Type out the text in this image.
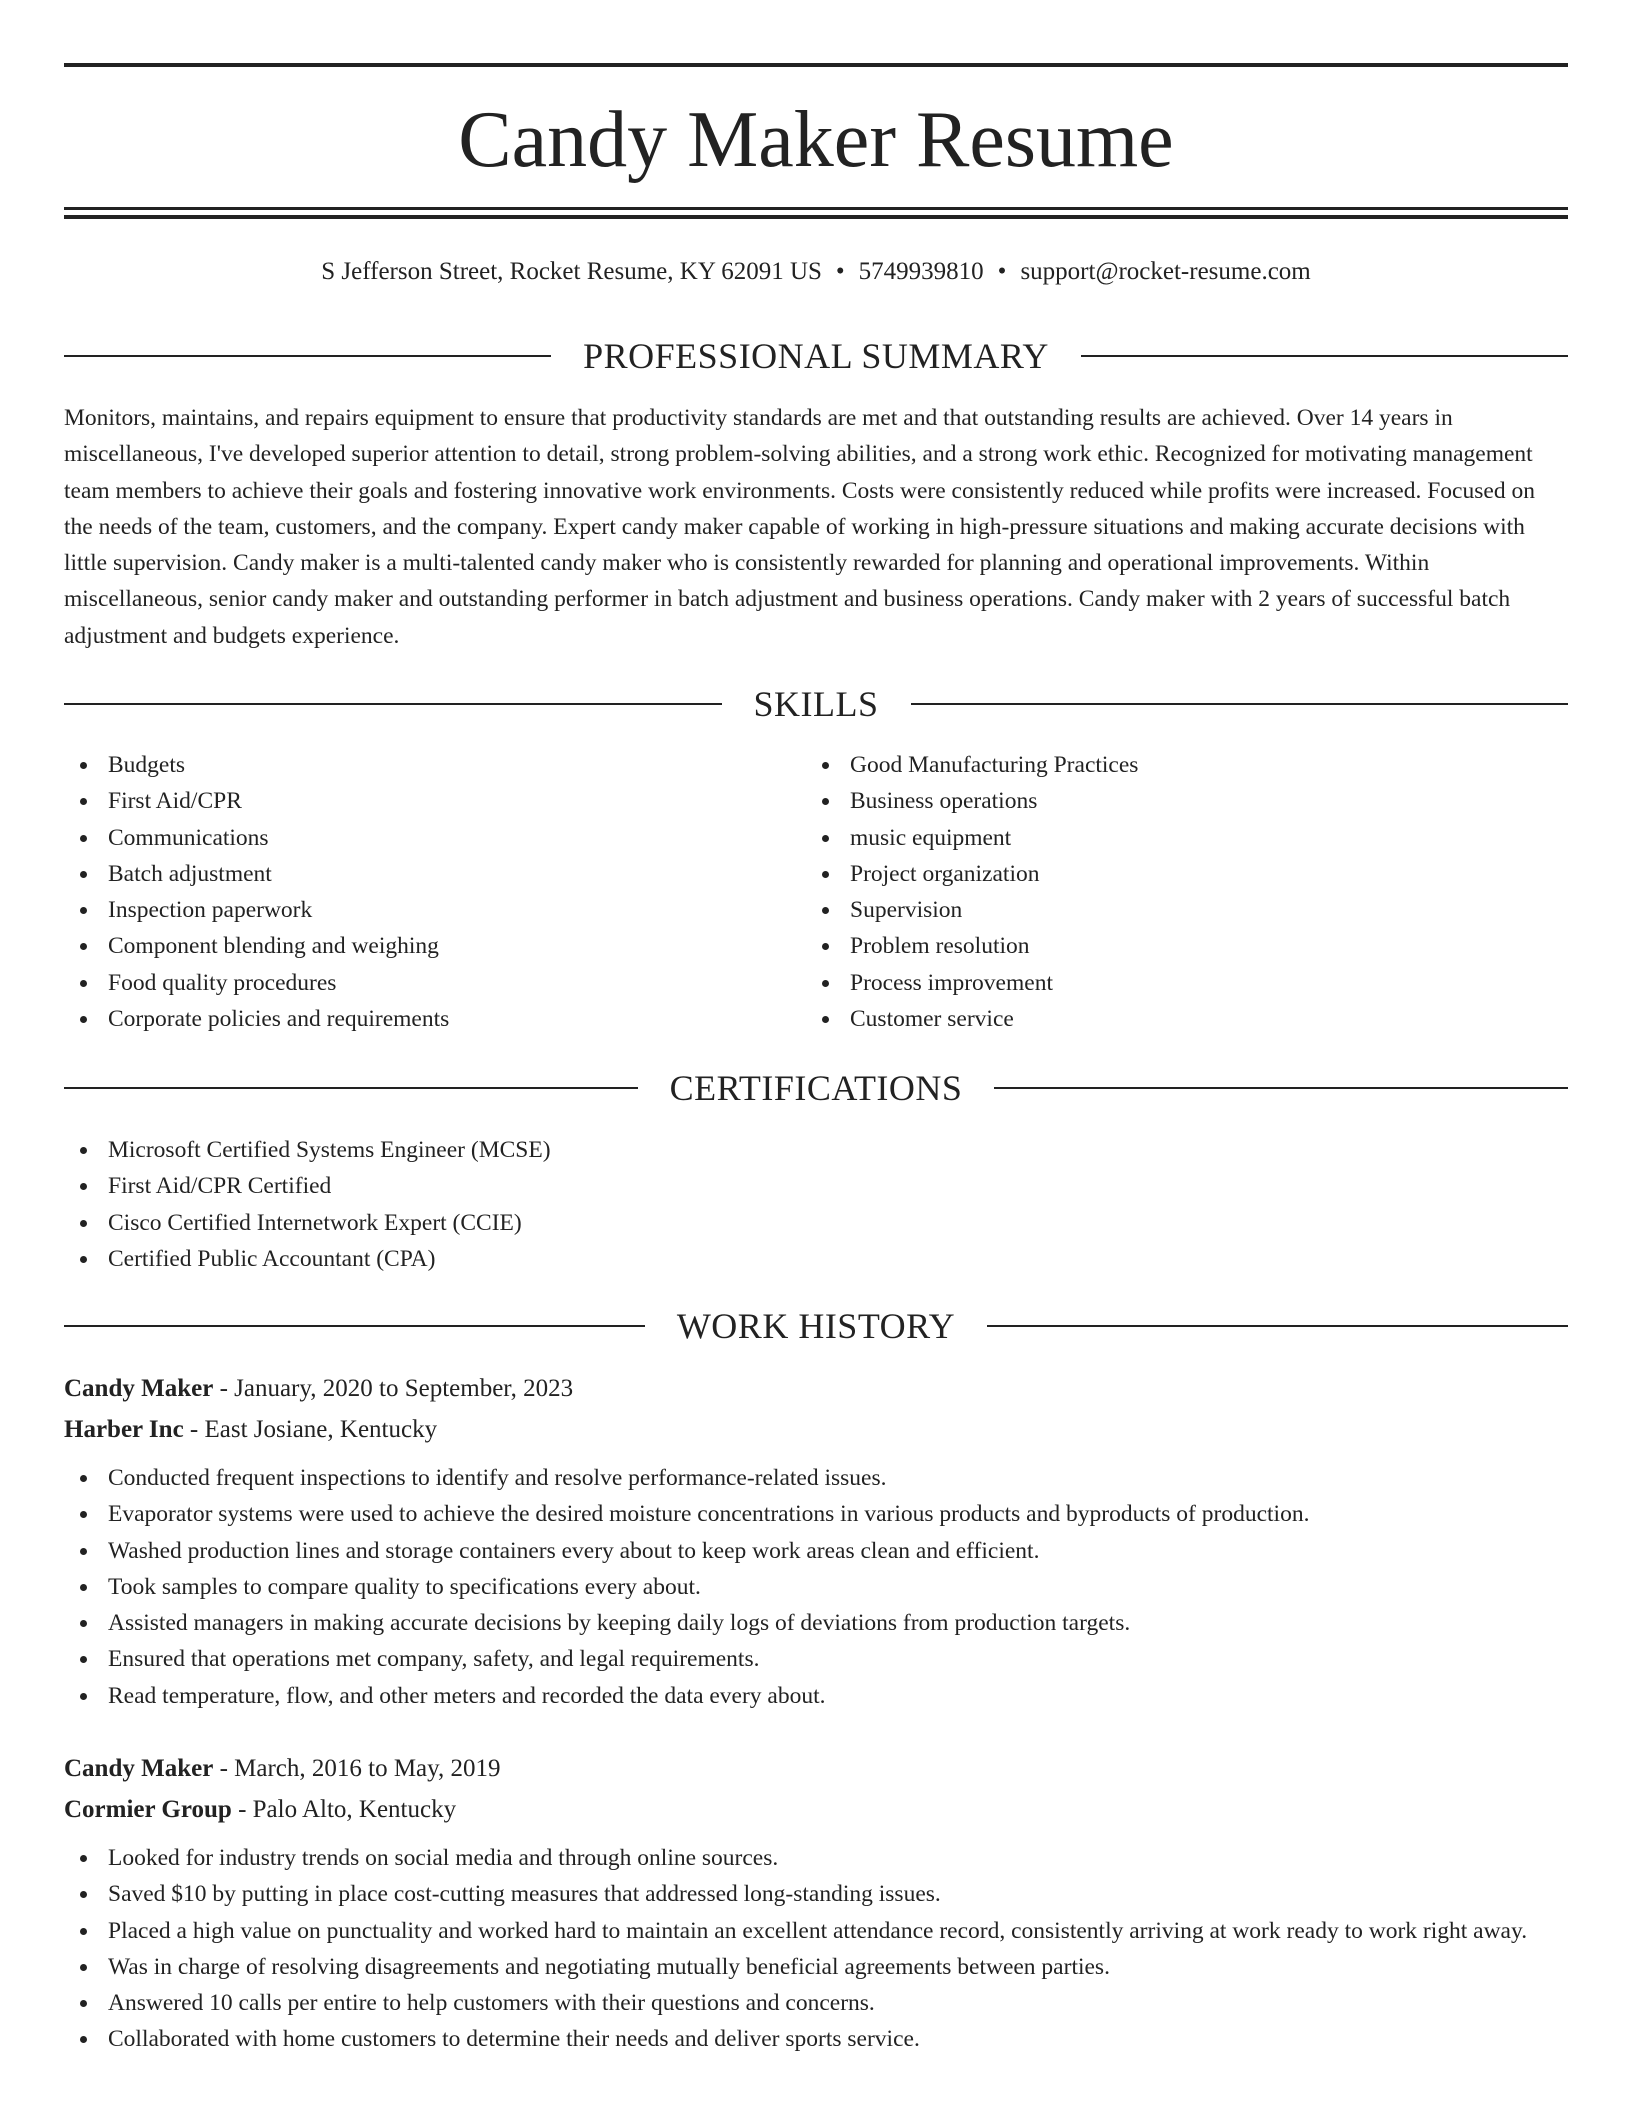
Candy Maker Resume
S Jefferson Street, Rocket Resume, KY 62091 US • 5749939810 • support@rocket-resume.com
PROFESSIONAL SUMMARY

Monitors, maintains, and repairs equipment to ensure that productivity standards are met and that outstanding results are achieved. Over 14 years in miscellaneous, I've developed superior attention to detail, strong problem-solving abilities, and a strong work ethic. Recognized for motivating management team members to achieve their goals and fostering innovative work environments. Costs were consistently reduced while profits were increased. Focused on the needs of the team, customers, and the company. Expert candy maker capable of working in high-pressure situations and making accurate decisions with little supervision. Candy maker is a multi-talented candy maker who is consistently rewarded for planning and operational improvements. Within miscellaneous, senior candy maker and outstanding performer in batch adjustment and business operations. Candy maker with 2 years of successful batch adjustment and budgets experience.

SKILLS
Budgets
First Aid/CPR
Communications
Batch adjustment
Inspection paperwork
Component blending and weighing
Food quality procedures
Corporate policies and requirements
Good Manufacturing Practices
Business operations
music equipment
Project organization
Supervision
Problem resolution
Process improvement
Customer service
CERTIFICATIONS
Microsoft Certified Systems Engineer (MCSE)
First Aid/CPR Certified
Cisco Certified Internetwork Expert (CCIE)
Certified Public Accountant (CPA)
WORK HISTORY
Candy Maker - January, 2020 to September, 2023
Harber Inc - East Josiane, Kentucky
Conducted frequent inspections to identify and resolve performance-related issues.
Evaporator systems were used to achieve the desired moisture concentrations in various products and byproducts of production.
Washed production lines and storage containers every about to keep work areas clean and efficient.
Took samples to compare quality to specifications every about.
Assisted managers in making accurate decisions by keeping daily logs of deviations from production targets.
Ensured that operations met company, safety, and legal requirements.
Read temperature, flow, and other meters and recorded the data every about.
Candy Maker - March, 2016 to May, 2019
Cormier Group - Palo Alto, Kentucky
Looked for industry trends on social media and through online sources.
Saved $10 by putting in place cost-cutting measures that addressed long-standing issues.
Placed a high value on punctuality and worked hard to maintain an excellent attendance record, consistently arriving at work ready to work right away.
Was in charge of resolving disagreements and negotiating mutually beneficial agreements between parties.
Answered 10 calls per entire to help customers with their questions and concerns.
Collaborated with home customers to determine their needs and deliver sports service.
